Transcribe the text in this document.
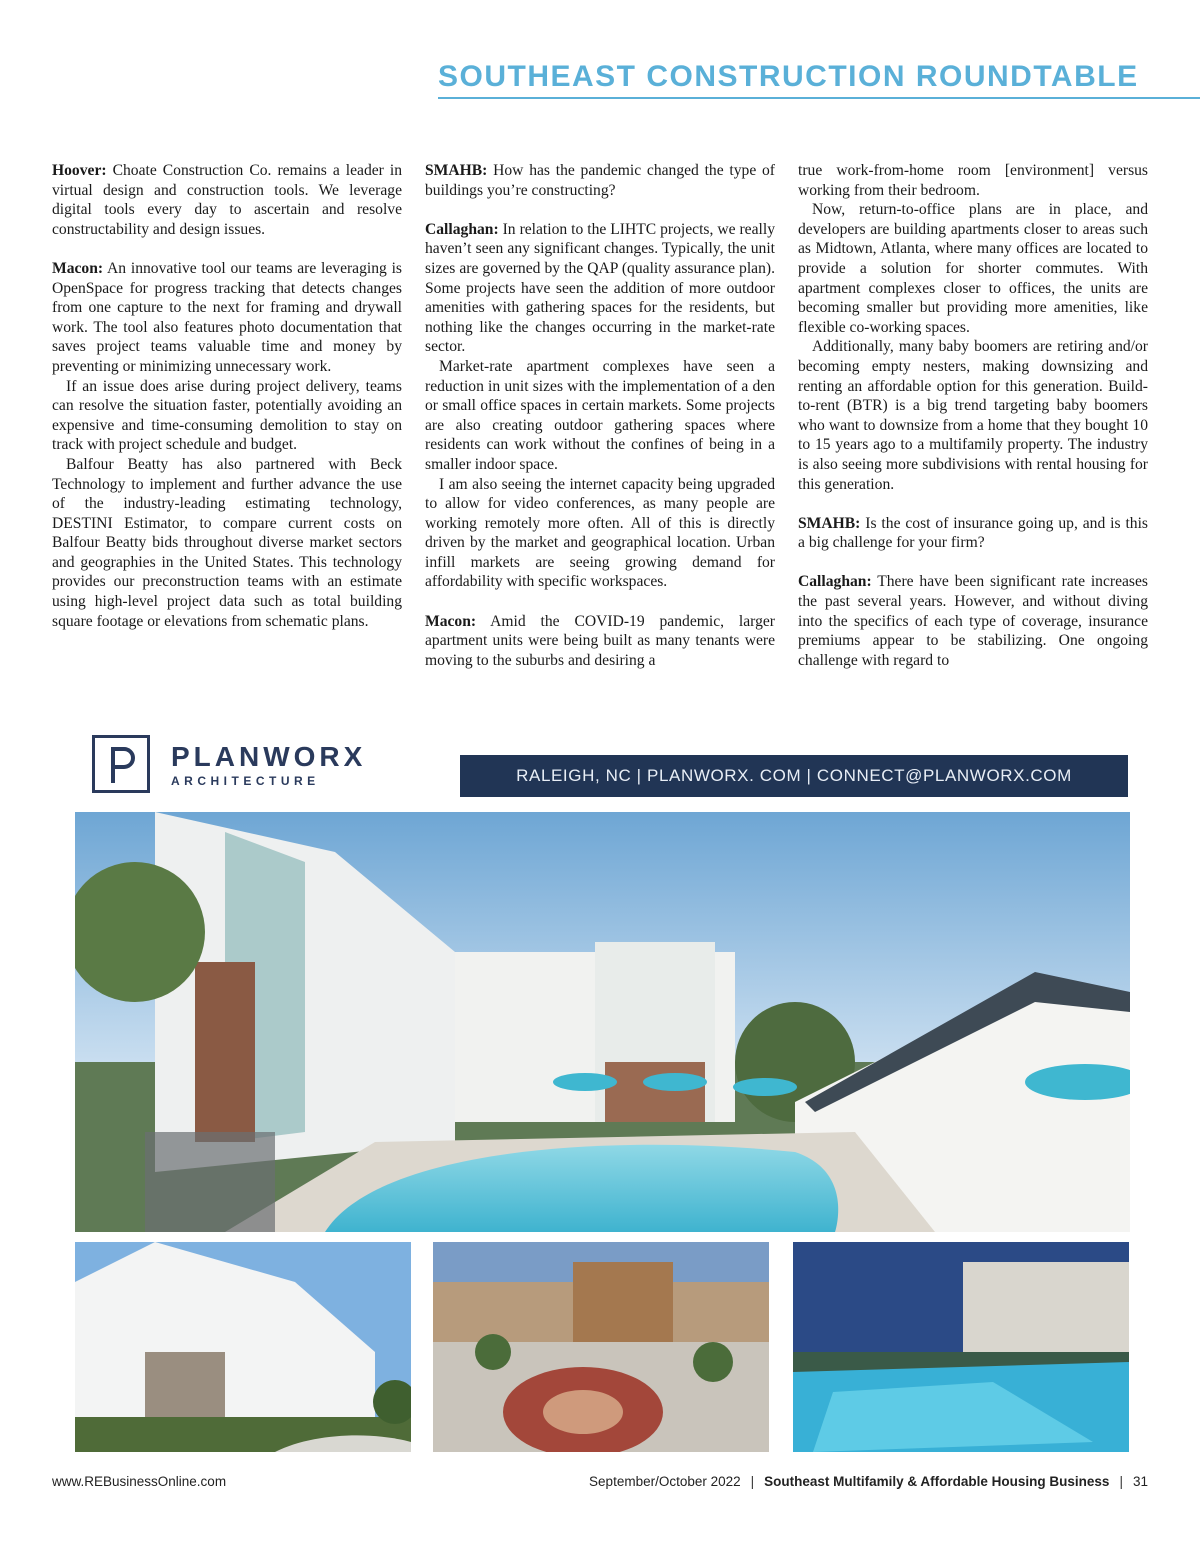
SOUTHEAST CONSTRUCTION ROUNDTABLE

Hoover: Choate Construction Co. remains a leader in virtual design and construction tools. We leverage digital tools every day to ascertain and resolve constructability and design issues.

Macon: An innovative tool our teams are leveraging is OpenSpace for progress tracking that detects changes from one capture to the next for framing and drywall work. The tool also features photo documentation that saves project teams valuable time and money by preventing or minimizing unnecessary work.

If an issue does arise during project delivery, teams can resolve the situation faster, potentially avoiding an expensive and time-consuming demolition to stay on track with project schedule and budget.

Balfour Beatty has also partnered with Beck Technology to implement and further advance the use of the industry-leading estimating technology, DESTINI Estimator, to compare current costs on Balfour Beatty bids throughout diverse market sectors and geographies in the United States. This technology provides our preconstruction teams with an estimate using high-level project data such as total building square footage or elevations from schematic plans.

SMAHB: How has the pandemic changed the type of buildings you’re constructing?

Callaghan: In relation to the LIHTC projects, we really haven’t seen any significant changes. Typically, the unit sizes are governed by the QAP (quality assurance plan). Some projects have seen the addition of more outdoor amenities with gathering spaces for the residents, but nothing like the changes occurring in the market-rate sector.

Market-rate apartment complexes have seen a reduction in unit sizes with the implementation of a den or small office spaces in certain markets. Some projects are also creating outdoor gathering spaces where residents can work without the confines of being in a smaller indoor space.

I am also seeing the internet capacity being upgraded to allow for video conferences, as many people are working remotely more often. All of this is directly driven by the market and geographical location. Urban infill markets are seeing growing demand for affordability with specific workspaces.

Macon: Amid the COVID-19 pandemic, larger apartment units were being built as many tenants were moving to the suburbs and desiring a

true work-from-home room [environment] versus working from their bedroom.

Now, return-to-office plans are in place, and developers are building apartments closer to areas such as Midtown, Atlanta, where many offices are located to provide a solution for shorter commutes. With apartment complexes closer to offices, the units are becoming smaller but providing more amenities, like flexible co-working spaces.

Additionally, many baby boomers are retiring and/or becoming empty nesters, making downsizing and renting an affordable option for this generation. Build-to-rent (BTR) is a big trend targeting baby boomers who want to downsize from a home that they bought 10 to 15 years ago to a multifamily property. The industry is also seeing more subdivisions with rental housing for this generation.

SMAHB: Is the cost of insurance going up, and is this a big challenge for your firm?

Callaghan: There have been significant rate increases the past several years. However, and without diving into the specifics of each type of coverage, insurance premiums appear to be stabilizing. One ongoing challenge with regard to

PLANWORX
ARCHITECTURE	RALEIGH, NC | PLANWORX. COM | CONNECT@PLANWORX.COM
www.REBusinessOnline.com	September/October 2022 | Southeast Multifamily & Affordable Housing Business | 31
